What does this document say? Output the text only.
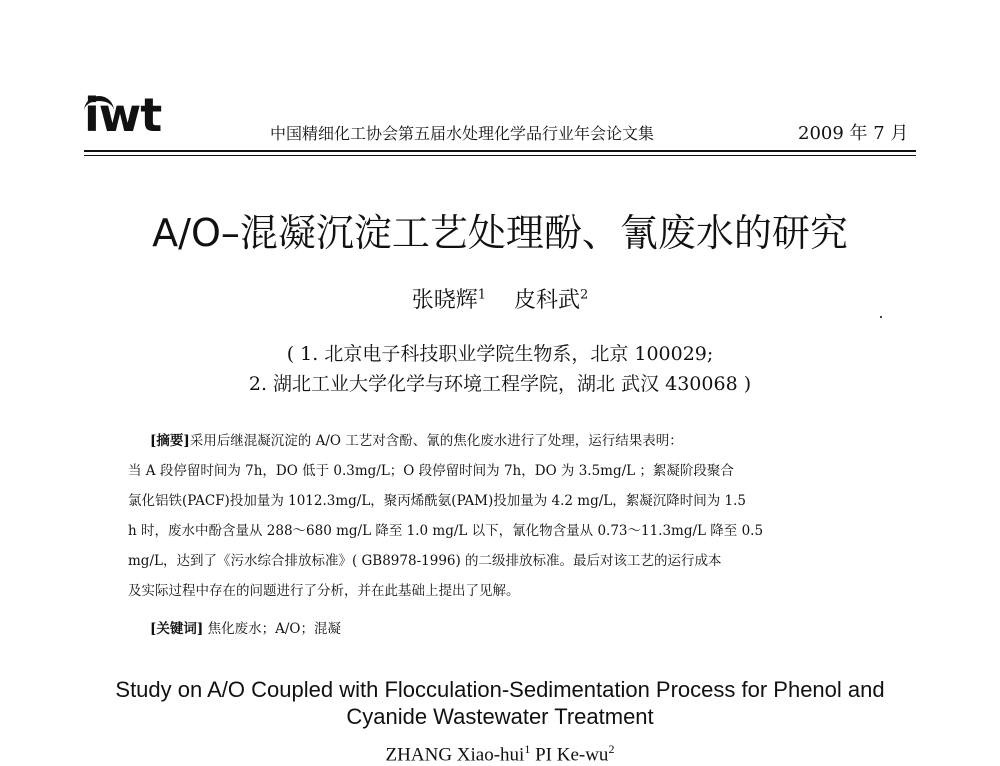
iwt	中国精细化工协会第五届水处理化学品行业年会论文集	2009 年 7 月
A/O–混凝沉淀工艺处理酚、氰废水的研究
张晓辉$^1$ 皮科武$^2$
( 1. 北京电子科技职业学院生物系，北京 100029;
2. 湖北工业大学化学与环境工程学院，湖北 武汉 430068 )
[摘要]采用后继混凝沉淀的 A/O 工艺对含酚、氰的焦化废水进行了处理，运行结果表明：
当 A 段停留时间为 7h，DO 低于 0.3mg/L；O 段停留时间为 7h，DO 为 3.5mg/L ；絮凝阶段聚合
氯化铝铁(PACF)投加量为 1012.3mg/L，聚丙烯酰氨(PAM)投加量为 4.2 mg/L，絮凝沉降时间为 1.5
h 时，废水中酚含量从 288～680 mg/L 降至 1.0 mg/L 以下，氰化物含量从 0.73～11.3mg/L 降至 0.5
mg/L，达到了《污水综合排放标准》( GB8978-1996) 的二级排放标准。最后对该工艺的运行成本
及实际过程中存在的问题进行了分析，并在此基础上提出了见解。
[关键词] 焦化废水；A/O；混凝
Study on A/O Coupled with Flocculation-Sedimentation Process for Phenol and
Cyanide Wastewater Treatment
ZHANG Xiao-hui$^1$ PI $Ke-wu^2$
